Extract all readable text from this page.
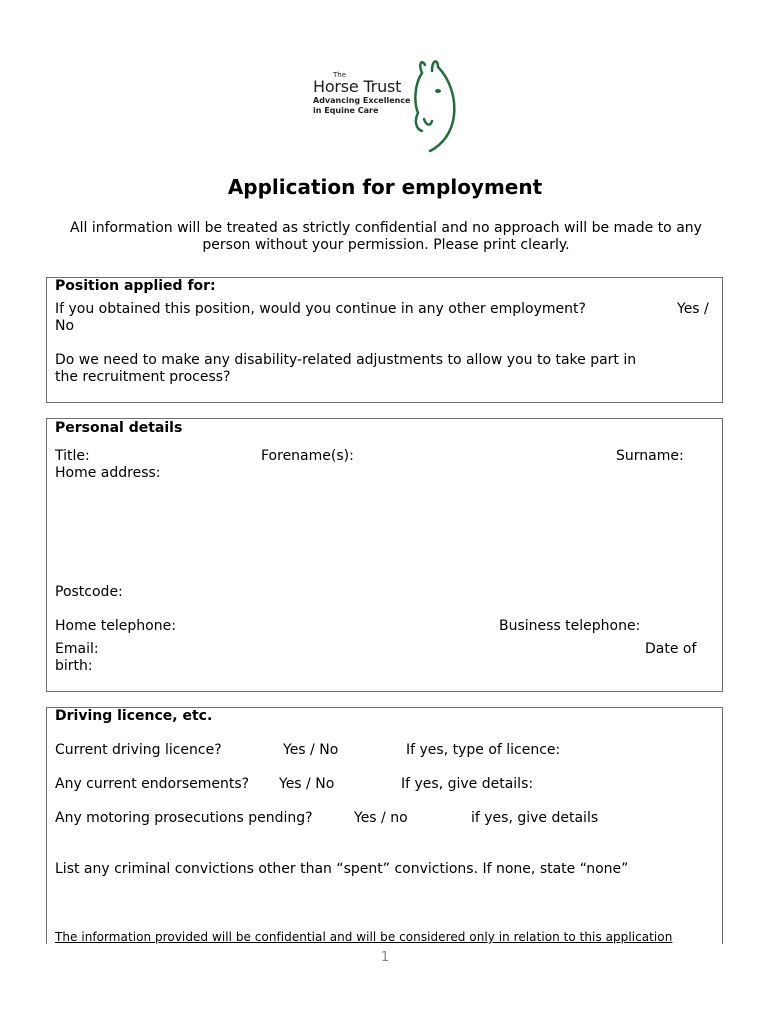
The
Horse Trust
Advancing Excellence
in Equine Care
Application for employment
All information will be treated as strictly confidential and no approach will be made to any person without your permission. Please print clearly.
Position applied for:
If you obtained this position, would you continue in any other employment?	Yes /
No
Do we need to make any disability-related adjustments to allow you to take part in
the recruitment process?
Personal details
Title:	Forename(s):	Surname:
Home address:
Postcode:
Home telephone:	Business telephone:
Email:	Date of
birth:
Driving licence, etc.
Current driving licence?	Yes / No	If yes, type of licence:
Any current endorsements? Yes / No	If yes, give details:
Any motoring prosecutions pending?	Yes / no	if yes, give details
List any criminal convictions other than “spent” convictions. If none, state “none”
The information provided will be confidential and will be considered only in relation to this application
1
